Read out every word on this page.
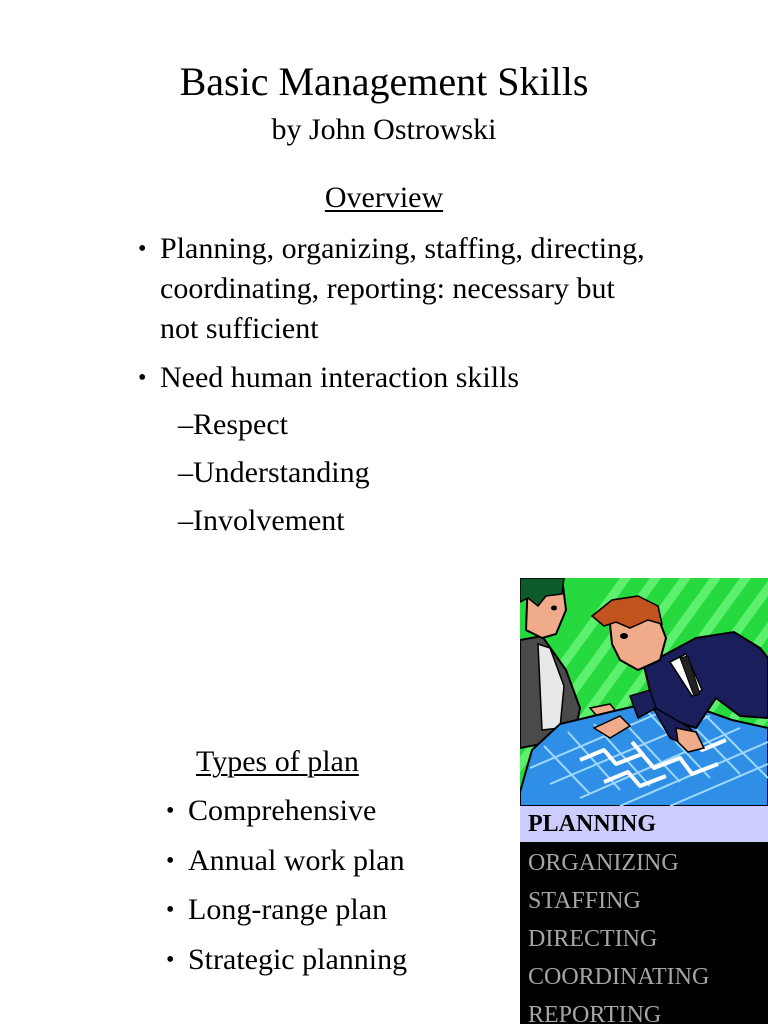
Basic Management Skills
by John Ostrowski
Overview
• Planning, organizing, staffing, directing,
coordinating, reporting: necessary but
not sufficient
• Need human interaction skills
–Respect
–Understanding
–Involvement
Types of plan
• Comprehensive
• Annual work plan
• Long-range plan
• Strategic planning
PLANNING
ORGANIZING
STAFFING
DIRECTING
COORDINATING
REPORTING
